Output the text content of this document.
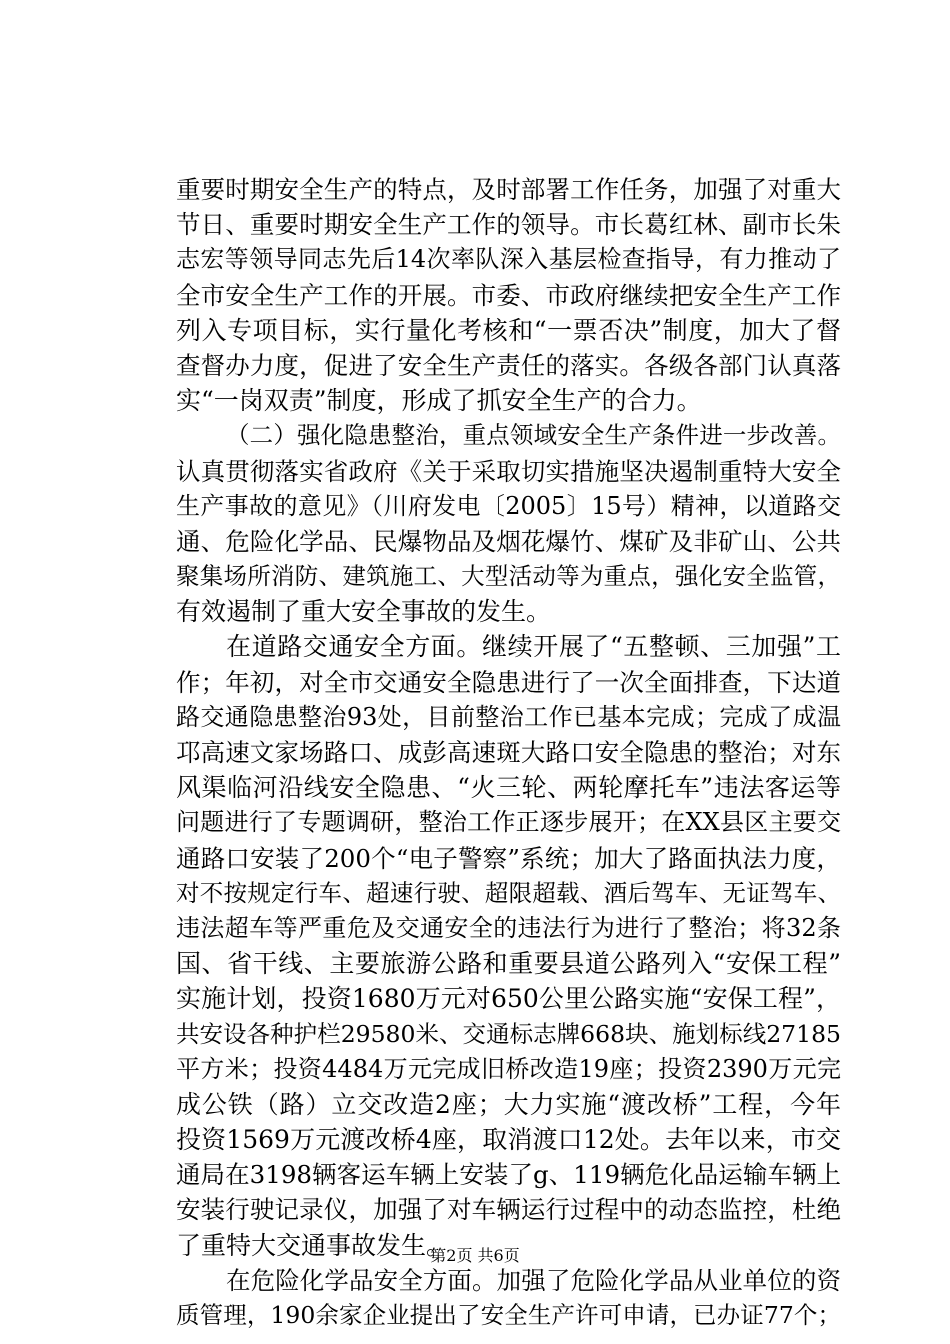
重要时期安全生产的特点，及时部署工作任务，加强了对重大
节日、重要时期安全生产工作的领导。市长葛红林、副市长朱
志宏等领导同志先后14次率队深入基层检查指导，有力推动了
全市安全生产工作的开展。市委、市政府继续把安全生产工作
列入专项目标，实行量化考核和“一票否决”制度，加大了督
查督办力度，促进了安全生产责任的落实。各级各部门认真落
实“一岗双责”制度，形成了抓安全生产的合力。
（二）强化隐患整治，重点领域安全生产条件进一步改善。
认真贯彻落实省政府《关于采取切实措施坚决遏制重特大安全
生产事故的意见》（川府发电〔2005〕15号）精神，以道路交
通、危险化学品、民爆物品及烟花爆竹、煤矿及非矿山、公共
聚集场所消防、建筑施工、大型活动等为重点，强化安全监管，
有效遏制了重大安全事故的发生。
在道路交通安全方面。继续开展了“五整顿、三加强”工
作；年初，对全市交通安全隐患进行了一次全面排查，下达道
路交通隐患整治93处，目前整治工作已基本完成；完成了成温
邛高速文家场路口、成彭高速斑大路口安全隐患的整治；对东
风渠临河沿线安全隐患、“火三轮、两轮摩托车”违法客运等
问题进行了专题调研，整治工作正逐步展开；在XX县区主要交
通路口安装了200个“电子警察”系统；加大了路面执法力度，
对不按规定行车、超速行驶、超限超载、酒后驾车、无证驾车、
违法超车等严重危及交通安全的违法行为进行了整治；将32条
国、省干线、主要旅游公路和重要县道公路列入“安保工程”
实施计划，投资1680万元对650公里公路实施“安保工程”，
共安设各种护栏29580米、交通标志牌668块、施划标线27185
平方米；投资4484万元完成旧桥改造19座；投资2390万元完
成公铁（路）立交改造2座；大力实施“渡改桥”工程，今年
投资1569万元渡改桥4座，取消渡口12处。去年以来，市交
通局在3198辆客运车辆上安装了g、119辆危化品运输车辆上
安装行驶记录仪，加强了对车辆运行过程中的动态监控，杜绝
了重特大交通事故发生。
在危险化学品安全方面。加强了危险化学品从业单位的资
质管理，190余家企业提出了安全生产许可申请，已办证77个；
第2页 共6页
